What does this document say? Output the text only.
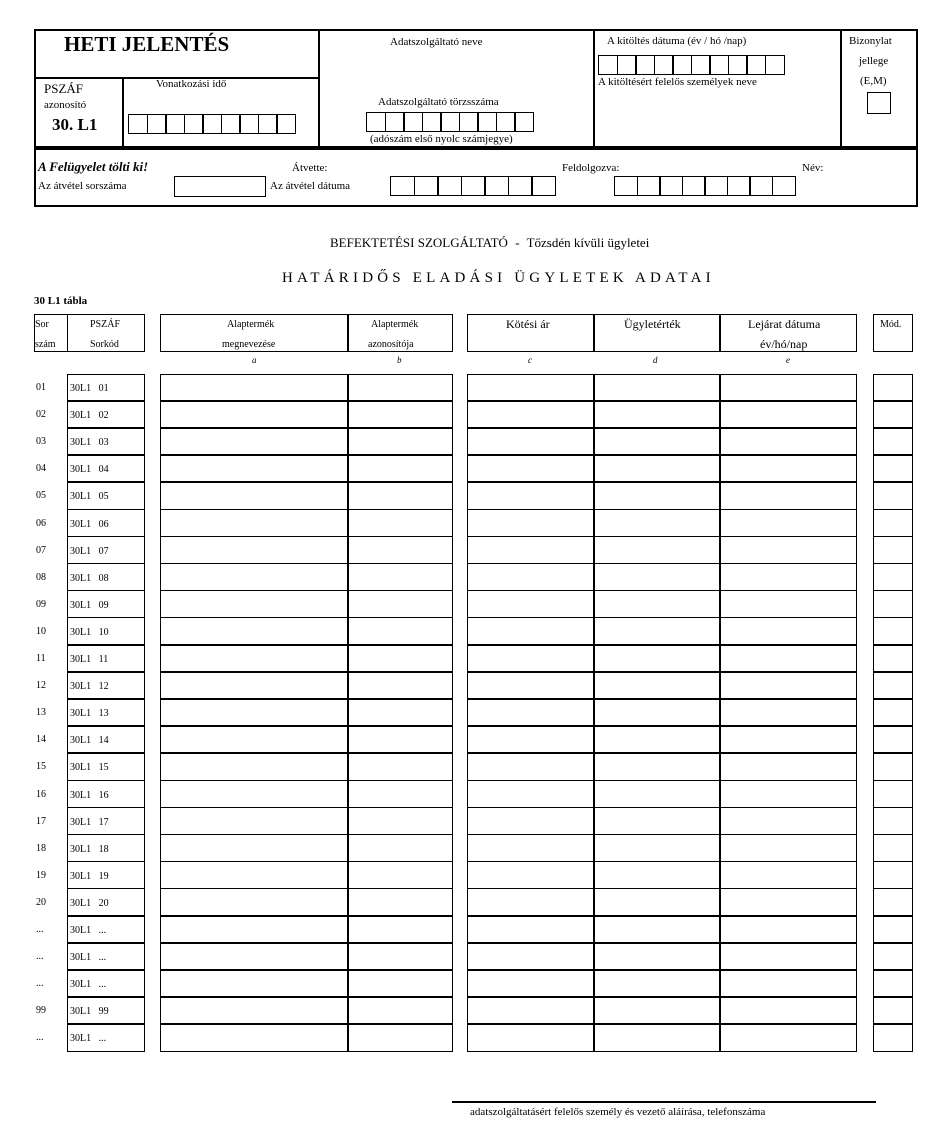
HETI JELENTÉS
PSZÁF
azonosító
30. L1
Vonatkozási idő
Adatszolgáltató neve
Adatszolgáltató törzsszáma
(adószám első nyolc számjegye)
A kitöltés dátuma (év / hó /nap)
A kitöltésért felelős személyek neve
Bizonylat
jellege
(E,M)
A Felügyelet tölti ki!
Az átvétel sorszáma
Átvette:
Az átvétel dátuma
Feldolgozva:	Név:
BEFEKTETÉSI SZOLGÁLTATÓ - Tőzsdén kívüli ügyletei
HATÁRIDŐS ELADÁSI ÜGYLETEK ADATAI
30 L1 tábla
Sor
szám
PSZÁF
Sorkód
Alaptermék
megnevezése
Alaptermék
azonosítója
Kötési ár	Ügyletérték	Lejárat dátuma
év/hó/nap
Mód.
a	b	c	d	e
01 30L1   01
02 30L1   02
03 30L1   03
04 30L1   04
05 30L1   05
06 30L1   06
07 30L1   07
08 30L1   08
09 30L1   09
10 30L1   10
11 30L1   11
12 30L1   12
13 30L1   13
14 30L1   14
15 30L1   15
16 30L1   16
17 30L1   17
18 30L1   18
19 30L1   19
20 30L1   20
...	30L1   ...
...	30L1   ...
...	30L1   ...
99 30L1   99
...	30L1   ...
adatszolgáltatásért felelős személy és vezető aláírása, telefonszáma
